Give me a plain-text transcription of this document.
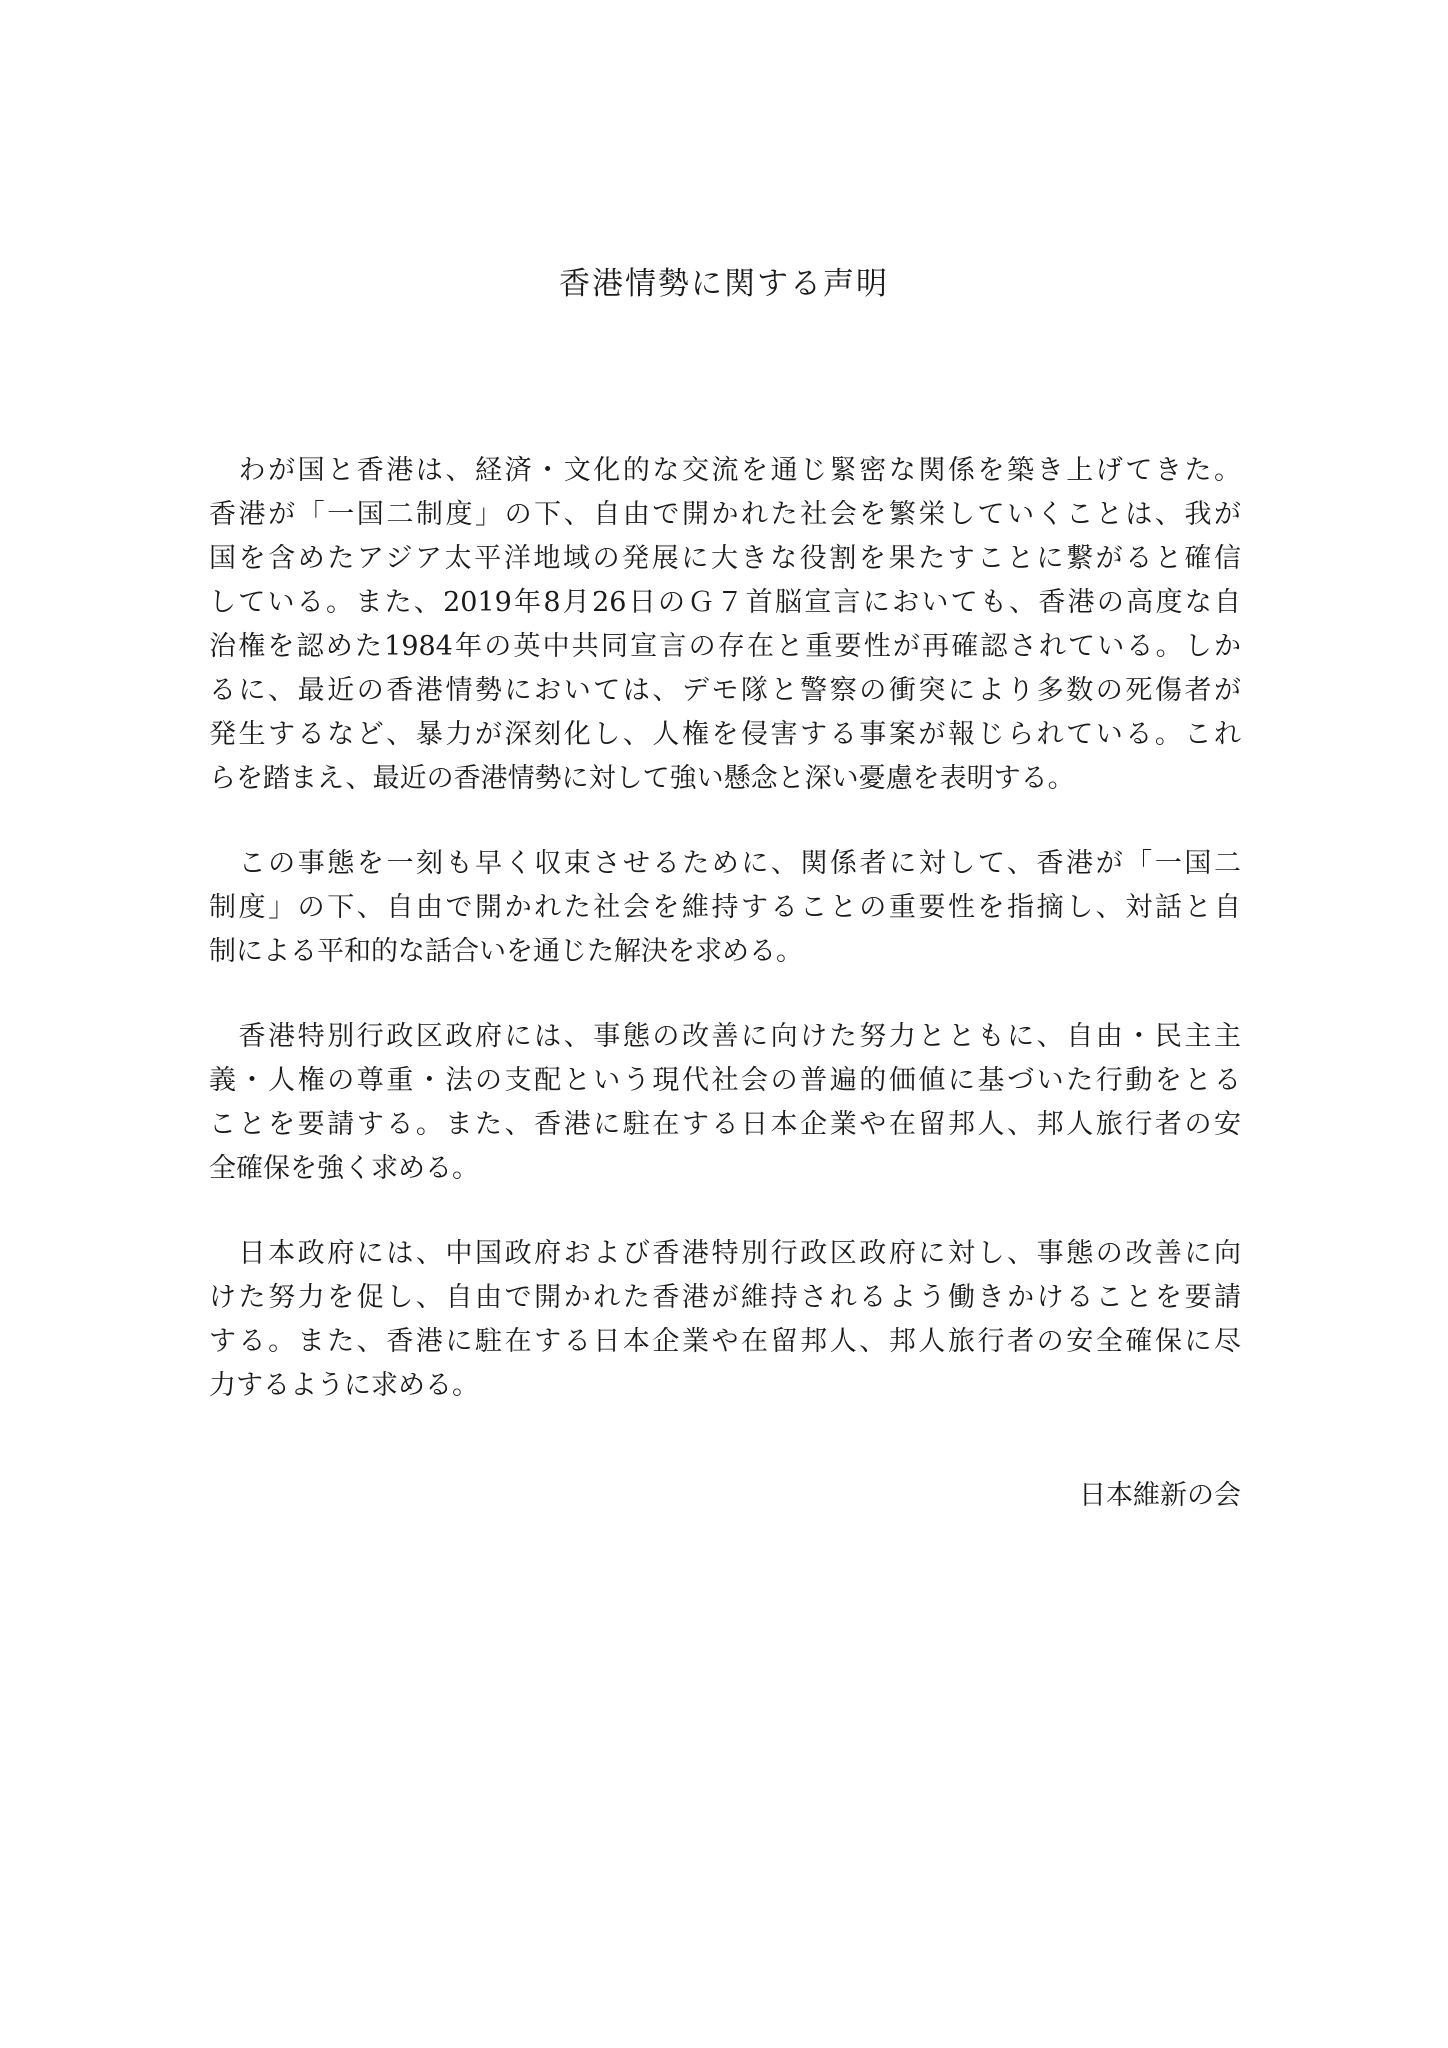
香港情勢に関する声明
　わが国と香港は、経済・文化的な交流を通じ緊密な関係を築き上げてきた。
香港が「一国二制度」の下、自由で開かれた社会を繁栄していくことは、我が
国を含めたアジア太平洋地域の発展に大きな役割を果たすことに繋がると確信
している。また、2019年8月26日のＧ７首脳宣言においても、香港の高度な自
治権を認めた1984年の英中共同宣言の存在と重要性が再確認されている。しか
るに、最近の香港情勢においては、デモ隊と警察の衝突により多数の死傷者が
発生するなど、暴力が深刻化し、人権を侵害する事案が報じられている。これ
らを踏まえ、最近の香港情勢に対して強い懸念と深い憂慮を表明する。
　この事態を一刻も早く収束させるために、関係者に対して、香港が「一国二
制度」の下、自由で開かれた社会を維持することの重要性を指摘し、対話と自
制による平和的な話合いを通じた解決を求める。
　香港特別行政区政府には、事態の改善に向けた努力とともに、自由・民主主
義・人権の尊重・法の支配という現代社会の普遍的価値に基づいた行動をとる
ことを要請する。また、香港に駐在する日本企業や在留邦人、邦人旅行者の安
全確保を強く求める。
　日本政府には、中国政府および香港特別行政区政府に対し、事態の改善に向
けた努力を促し、自由で開かれた香港が維持されるよう働きかけることを要請
する。また、香港に駐在する日本企業や在留邦人、邦人旅行者の安全確保に尽
力するように求める。

日本維新の会
